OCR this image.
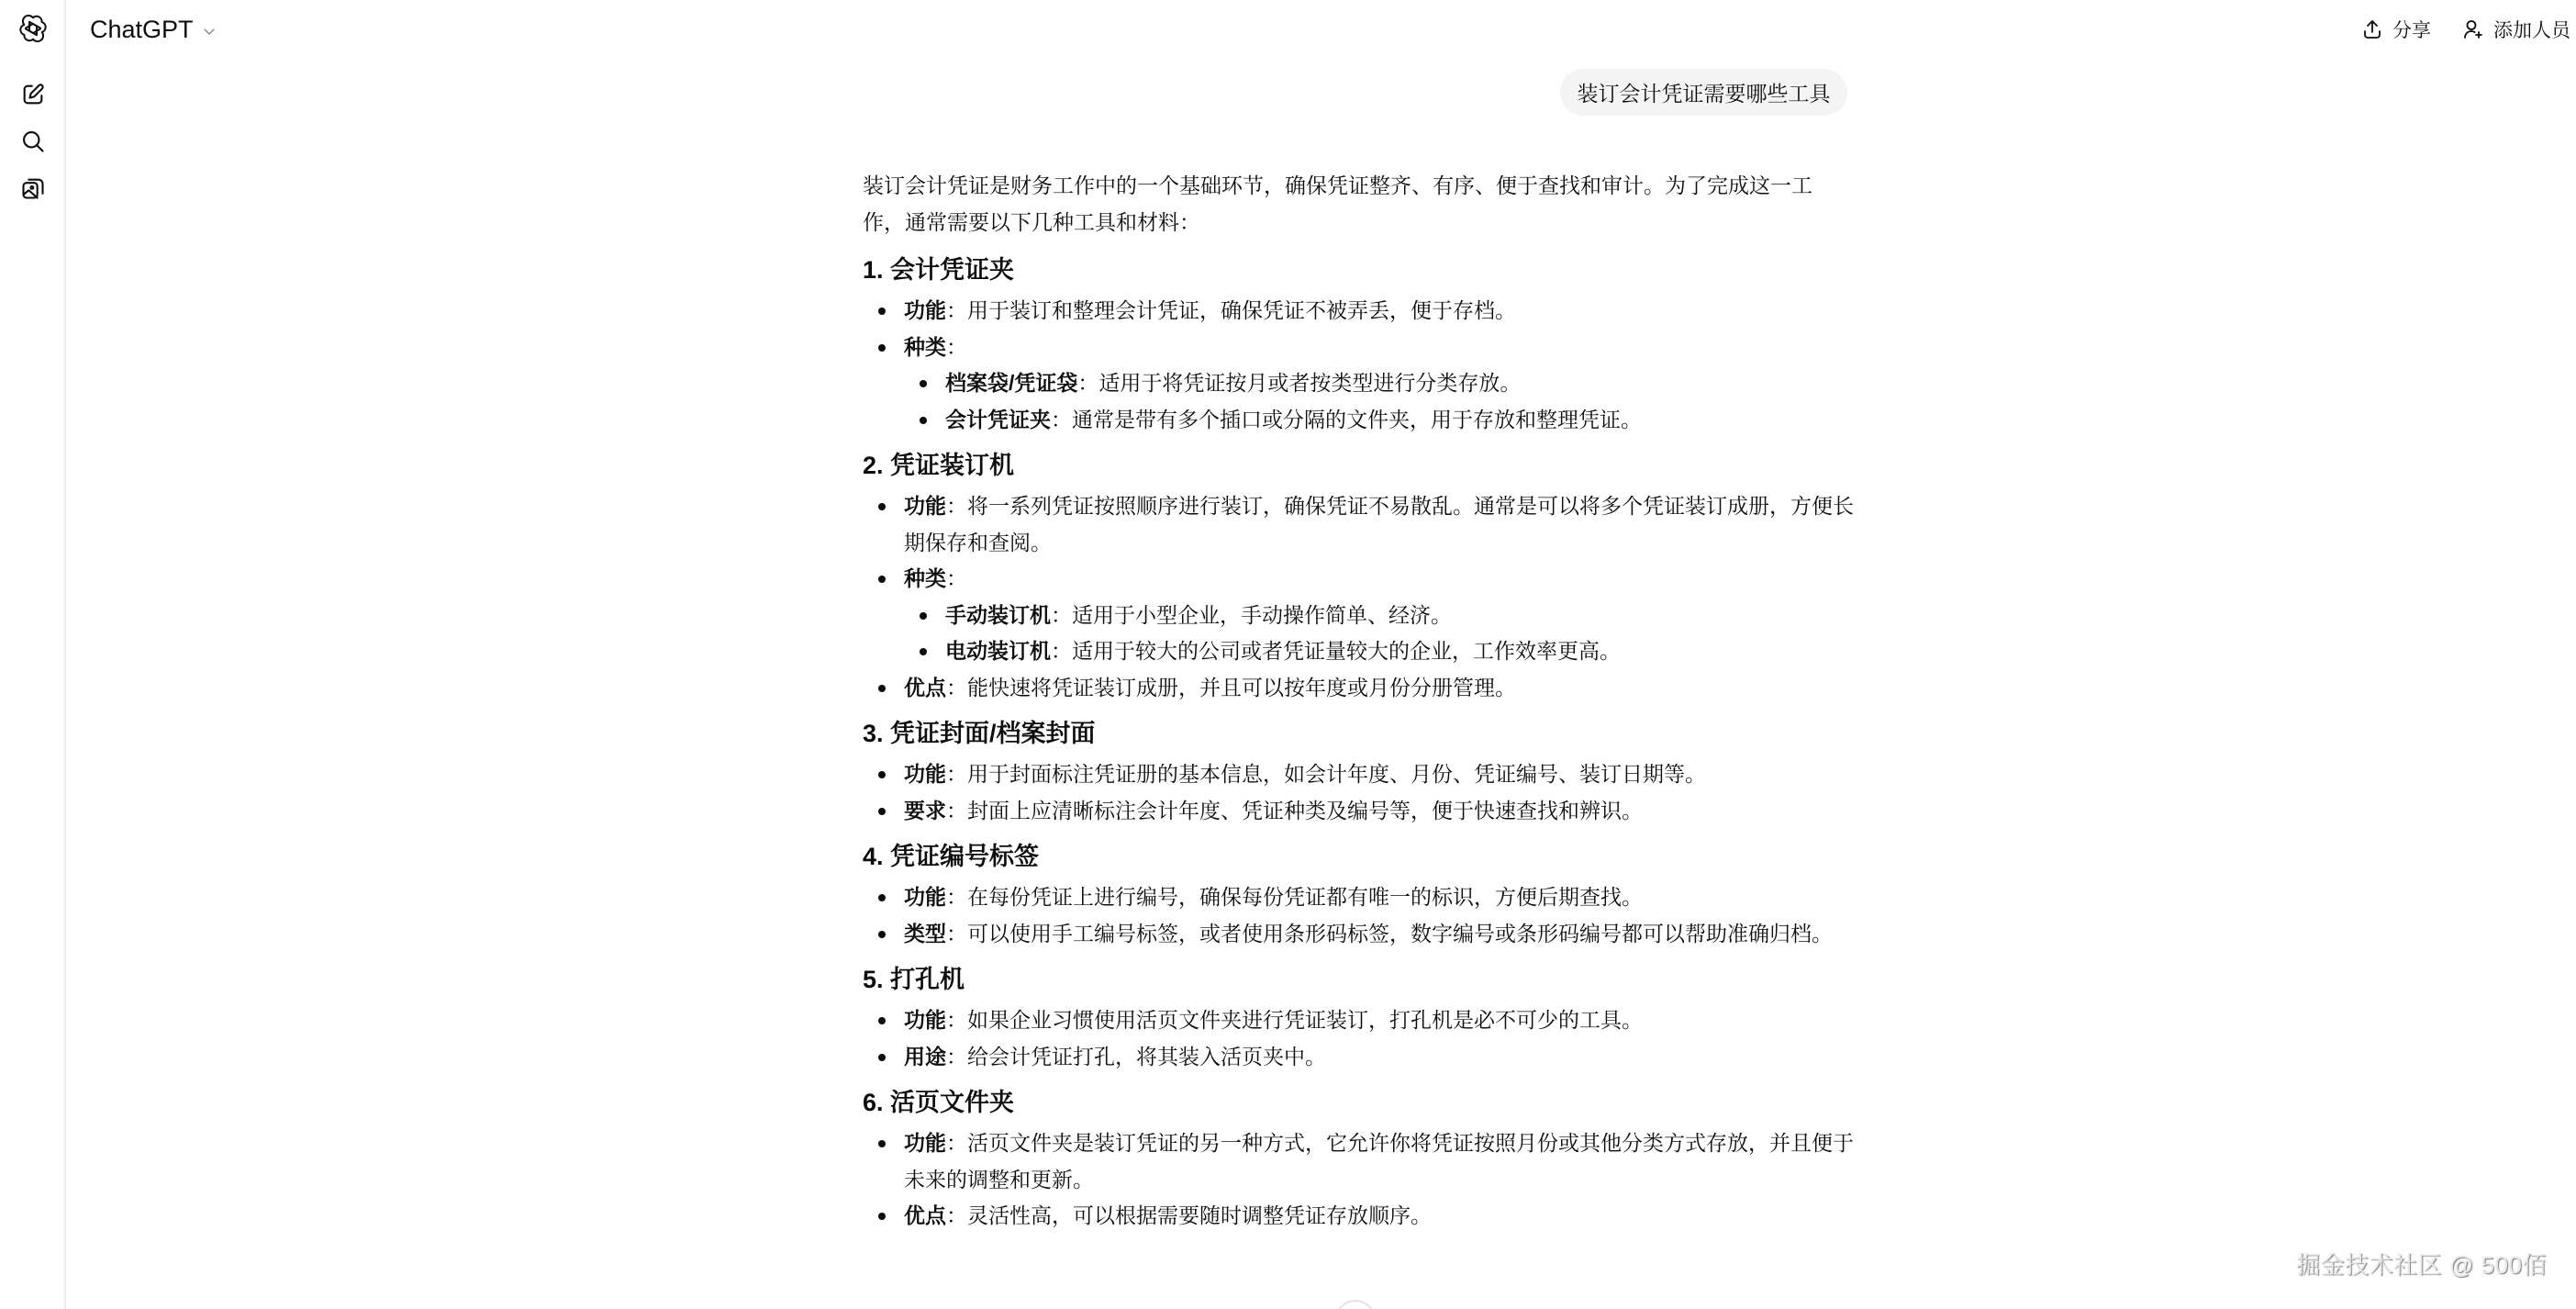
ChatGPT	分享	添加人员
装订会计凭证需要哪些工具

装订会计凭证是财务工作中的一个基础环节，确保凭证整齐、有序、便于查找和审计。为了完成这一工作，通常需要以下几种工具和材料：

1. 会计凭证夹
功能：用于装订和整理会计凭证，确保凭证不被弄丢，便于存档。
种类：
档案袋/凭证袋：适用于将凭证按月或者按类型进行分类存放。
会计凭证夹：通常是带有多个插口或分隔的文件夹，用于存放和整理凭证。
2. 凭证装订机
功能：将一系列凭证按照顺序进行装订，确保凭证不易散乱。通常是可以将多个凭证装订成册，方便长期保存和查阅。
种类：
手动装订机：适用于小型企业，手动操作简单、经济。
电动装订机：适用于较大的公司或者凭证量较大的企业，工作效率更高。
优点：能快速将凭证装订成册，并且可以按年度或月份分册管理。
3. 凭证封面/档案封面
功能：用于封面标注凭证册的基本信息，如会计年度、月份、凭证编号、装订日期等。
要求：封面上应清晰标注会计年度、凭证种类及编号等，便于快速查找和辨识。
4. 凭证编号标签
功能：在每份凭证上进行编号，确保每份凭证都有唯一的标识，方便后期查找。
类型：可以使用手工编号标签，或者使用条形码标签，数字编号或条形码编号都可以帮助准确归档。
5. 打孔机
功能：如果企业习惯使用活页文件夹进行凭证装订，打孔机是必不可少的工具。
用途：给会计凭证打孔，将其装入活页夹中。
6. 活页文件夹
功能：活页文件夹是装订凭证的另一种方式，它允许你将凭证按照月份或其他分类方式存放，并且便于未来的调整和更新。
优点：灵活性高，可以根据需要随时调整凭证存放顺序。
掘金技术社区 @ 500佰
